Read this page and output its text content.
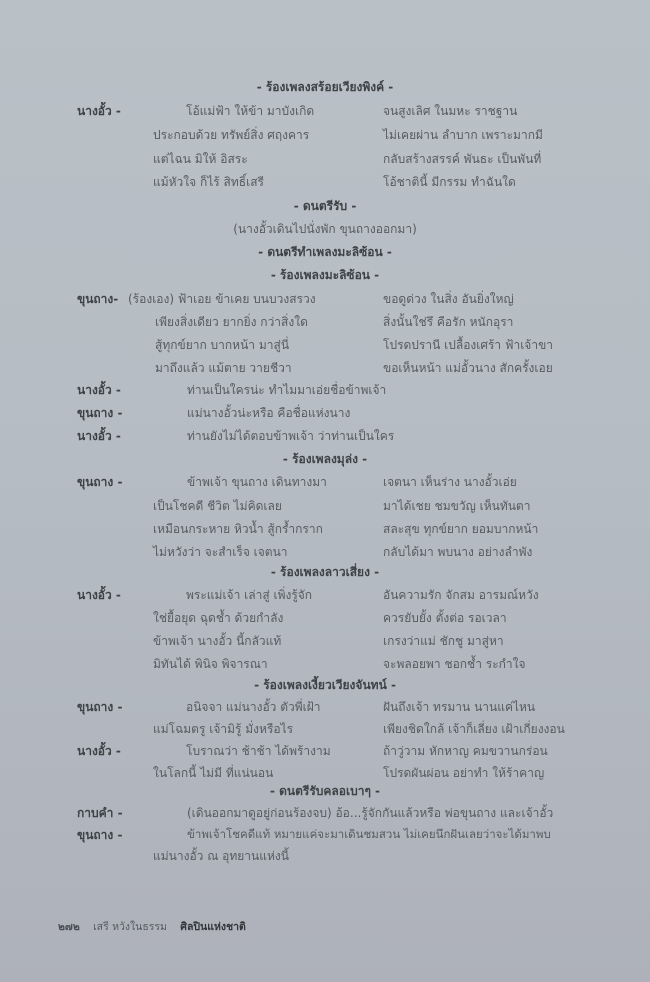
- ร้องเพลงสร้อยเวียงพิงค์ -
นางอั้ว -	โอ้แม่ฟ้า ให้ข้า มาบังเกิด	จนสูงเลิศ ในมหะ ราชฐาน
ประกอบด้วย ทรัพย์สิ่ง ศฤงคาร	ไม่เคยผ่าน ลำบาก เพราะมากมี
แต่ไฉน มิให้ อิสระ	กลับสร้างสรรค์ พันธะ เป็นพันที่
แม้หัวใจ ก็ไร้ สิทธิ์เสรี	โอ้ชาตินี้ มีกรรม ทำฉันใด
- ดนตรีรับ -
(นางอั้วเดินไปนั่งพัก ขุนถางออกมา)
- ดนตรีทำเพลงมะลิซ้อน -
- ร้องเพลงมะลิซ้อน -
ขุนถาง- (ร้องเอง) ฟ้าเอย ข้าเคย บนบวงสรวง	ขอดูด่วง ในสิ่ง อันยิ่งใหญ่
เพียงสิ่งเดียว ยากยิ่ง กว่าสิ่งใด	สิ่งนั้นใช่รึ คือรัก หนักอุรา
สู้ทุกข์ยาก บากหน้า มาสู่นี่	โปรดปรานี เปลื้องเศร้า ฟ้าเจ้าขา
มาถึงแล้ว แม้ตาย วายชีวา	ขอเห็นหน้า แม่อั้วนาง สักครั้งเอย
นางอั้ว -	ท่านเป็นใครน่ะ ทำไมมาเอ่ยชื่อข้าพเจ้า
ขุนถาง -	แม่นางอั้วน่ะหรือ คือชื่อแห่งนาง
นางอั้ว -	ท่านยังไม่ได้ตอบข้าพเจ้า ว่าท่านเป็นใคร
- ร้องเพลงมุล่ง -
ขุนถาง -	ข้าพเจ้า ขุนถาง เดินทางมา	เจตนา เห็นร่าง นางอั้วเอ่ย
เป็นโชคดี ชีวิต ไม่คิดเลย	มาได้เชย ชมขวัญ เห็นทันตา
เหมือนกระหาย หิวน้ำ สู้กร้ำกราก	สละสุข ทุกข์ยาก ยอมบากหน้า
ไม่หวังว่า จะสำเร็จ เจตนา	กลับได้มา พบนาง อย่างลำพัง
- ร้องเพลงลาวเสี่ยง -
นางอั้ว -	พระแม่เจ้า เล่าสู่ เพิ่งรู้จัก	อันความรัก จักสม อารมณ์หวัง
ใช่ยื้อยุด ฉุดช้ำ ด้วยกำลัง	ควรยับยั้ง ตั้งต่อ รอเวลา
ข้าพเจ้า นางอั้ว นี้กลัวแท้	เกรงว่าแม่ ชักชู มาสู่หา
มิทันได้ พินิจ พิจารณา	จะพลอยพา ชอกช้ำ ระกำใจ
- ร้องเพลงเงี้ยวเวียงจันทน์ -
ขุนถาง -	อนิจจา แม่นางอั้ว ตัวพี่เฝ้า	ฝันถึงเจ้า ทรมาน นานแค่ไหน
แม่โฉมตรู เจ้ามิรู้ มั่งหรือไร	เพียงชิดใกล้ เจ้าก็เลี่ยง เฝ้าเกี่ยงงอน
นางอั้ว -	โบราณว่า ช้าช้า ได้พร้างาม	ถ้าวู่วาม หักหาญ คมขวานกร่อน
ในโลกนี้ ไม่มี ที่แน่นอน	โปรดผันผ่อน อย่าทำ ให้ร้าคาญ
- ดนตรีรับคลอเบาๆ -
กาบคำ -	(เดินออกมาดูอยู่ก่อนร้องจบ) อ้อ...รู้จักกันแล้วหรือ พ่อขุนถาง และเจ้าอั้ว
ขุนถาง -	ข้าพเจ้าโชคดีแท้ หมายแค่จะมาเดินชมสวน ไม่เคยนึกฝันเลยว่าจะได้มาพบ
แม่นางอั้ว ณ อุทยานแห่งนี้
๒๗๒ เสรี หวังในธรรม ศิลปินแห่งชาติ
